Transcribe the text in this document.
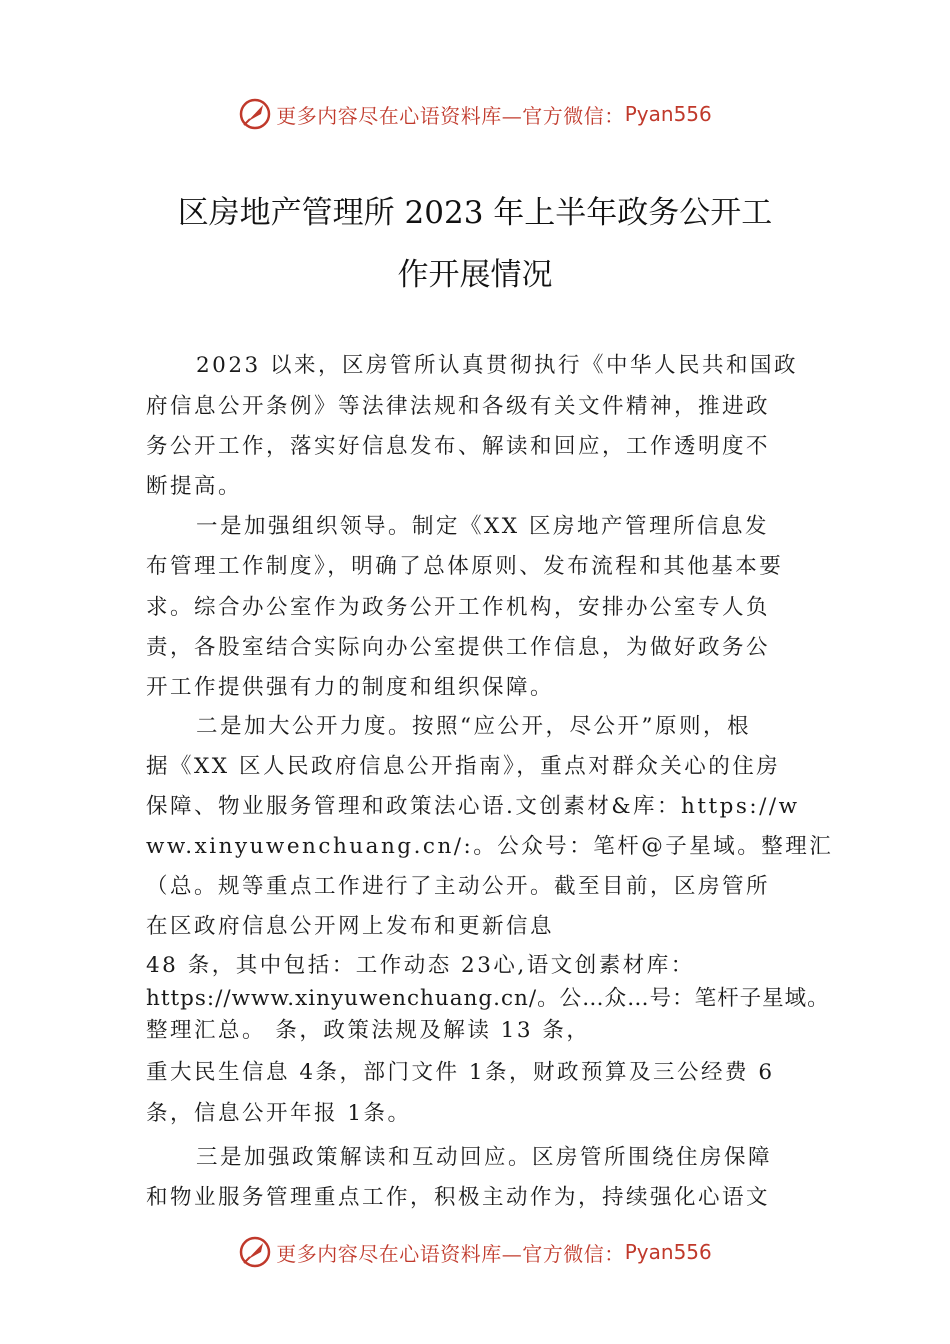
更多内容尽在心语资料库—官方微信： Pyan556
区房地产管理所 2023 年上半年政务公开工
作开展情况
2023 以来，区房管所认真贯彻执行《中华人民共和国政
府信息公开条例》等法律法规和各级有关文件精神，推进政
务公开工作，落实好信息发布、解读和回应，工作透明度不
断提高。
一是加强组织领导。制定《XX 区房地产管理所信息发
布管理工作制度》，明确了总体原则、发布流程和其他基本要
求。综合办公室作为政务公开工作机构，安排办公室专人负
责，各股室结合实际向办公室提供工作信息，为做好政务公
开工作提供强有力的制度和组织保障。
二是加大公开力度。按照“应公开，尽公开”原则，根
据《XX 区人民政府信息公开指南》，重点对群众关心的住房
保障、物业服务管理和政策法心语.文创素材&库：https://w
ww.xinyuwenchuang.cn/:。公众号：笔杆@子星域。整理汇
（总。规等重点工作进行了主动公开。截至目前，区房管所
在区政府信息公开网上发布和更新信息
48 条，其中包括：工作动态 23心,语文创素材库：
https://www.xinyuwenchuang.cn/。公…众…号：笔杆子星域。
整理汇总。 条，政策法规及解读 13 条，
重大民生信息 4条，部门文件 1条，财政预算及三公经费 6
条，信息公开年报 1条。
三是加强政策解读和互动回应。区房管所围绕住房保障
和物业服务管理重点工作，积极主动作为，持续强化心语文
更多内容尽在心语资料库—官方微信： Pyan556
